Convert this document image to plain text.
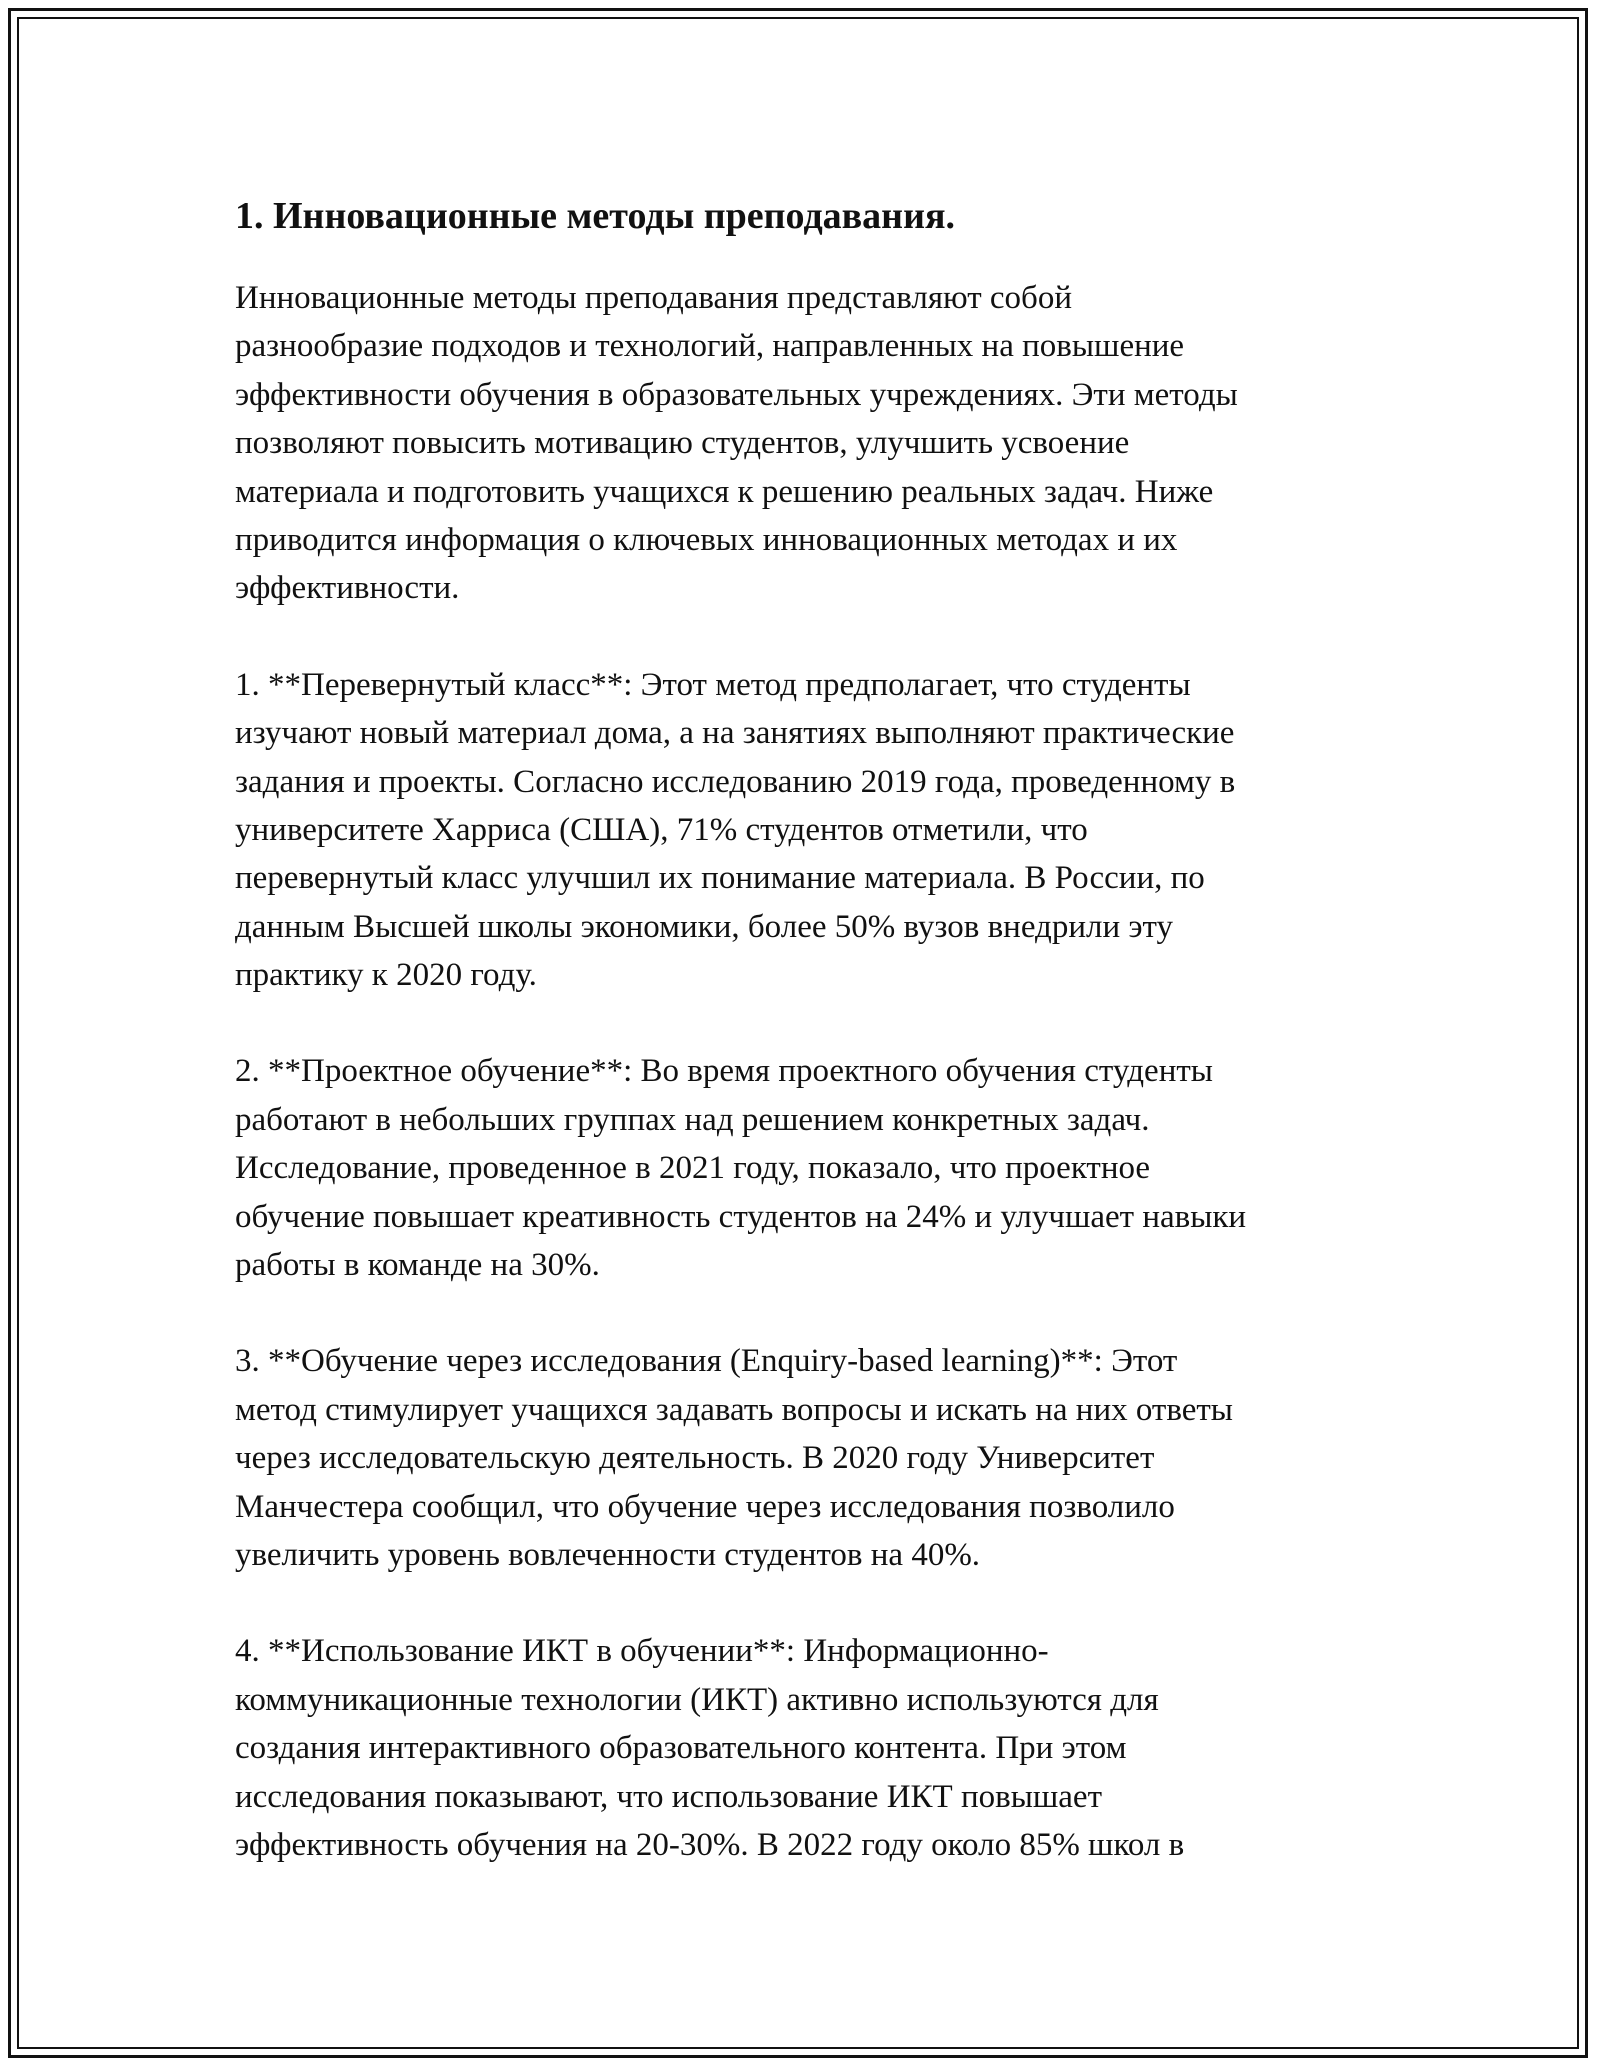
1. Инновационные методы преподавания.
Инновационные методы преподавания представляют собой
разнообразие подходов и технологий, направленных на повышение
эффективности обучения в образовательных учреждениях. Эти методы
позволяют повысить мотивацию студентов, улучшить усвоение
материала и подготовить учащихся к решению реальных задач. Ниже
приводится информация о ключевых инновационных методах и их
эффективности.
1. **Перевернутый класс**: Этот метод предполагает, что студенты
изучают новый материал дома, а на занятиях выполняют практические
задания и проекты. Согласно исследованию 2019 года, проведенному в
университете Харриса (США), 71% студентов отметили, что
перевернутый класс улучшил их понимание материала. В России, по
данным Высшей школы экономики, более 50% вузов внедрили эту
практику к 2020 году.
2. **Проектное обучение**: Во время проектного обучения студенты
работают в небольших группах над решением конкретных задач.
Исследование, проведенное в 2021 году, показало, что проектное
обучение повышает креативность студентов на 24% и улучшает навыки
работы в команде на 30%.
3. **Обучение через исследования (Enquiry-based learning)**: Этот
метод стимулирует учащихся задавать вопросы и искать на них ответы
через исследовательскую деятельность. В 2020 году Университет
Манчестера сообщил, что обучение через исследования позволило
увеличить уровень вовлеченности студентов на 40%.
4. **Использование ИКТ в обучении**: Информационно-
коммуникационные технологии (ИКТ) активно используются для
создания интерактивного образовательного контента. При этом
исследования показывают, что использование ИКТ повышает
эффективность обучения на 20-30%. В 2022 году около 85% школ в
